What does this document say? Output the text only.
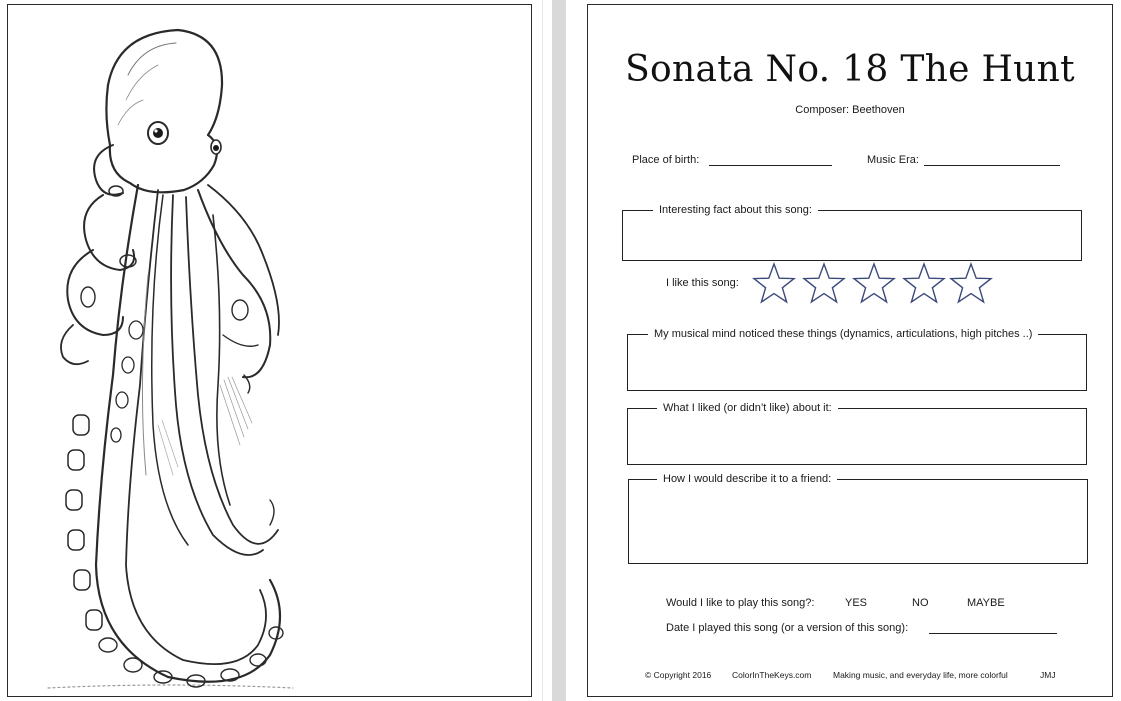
Sonata No. 18 The Hunt
Composer: Beethoven
Place of birth:	Music Era:
Interesting fact about this song:
I like this song:
My musical mind noticed these things (dynamics, articulations, high pitches ..)
What I liked (or didn’t like) about it:
How I would describe it to a friend:
Would I like to play this song?:	YES	NO	MAYBE
Date I played this song (or a version of this song):
© Copyright 2016 ColorInTheKeys.com	Making music, and everyday life, more colorful	JMJ
